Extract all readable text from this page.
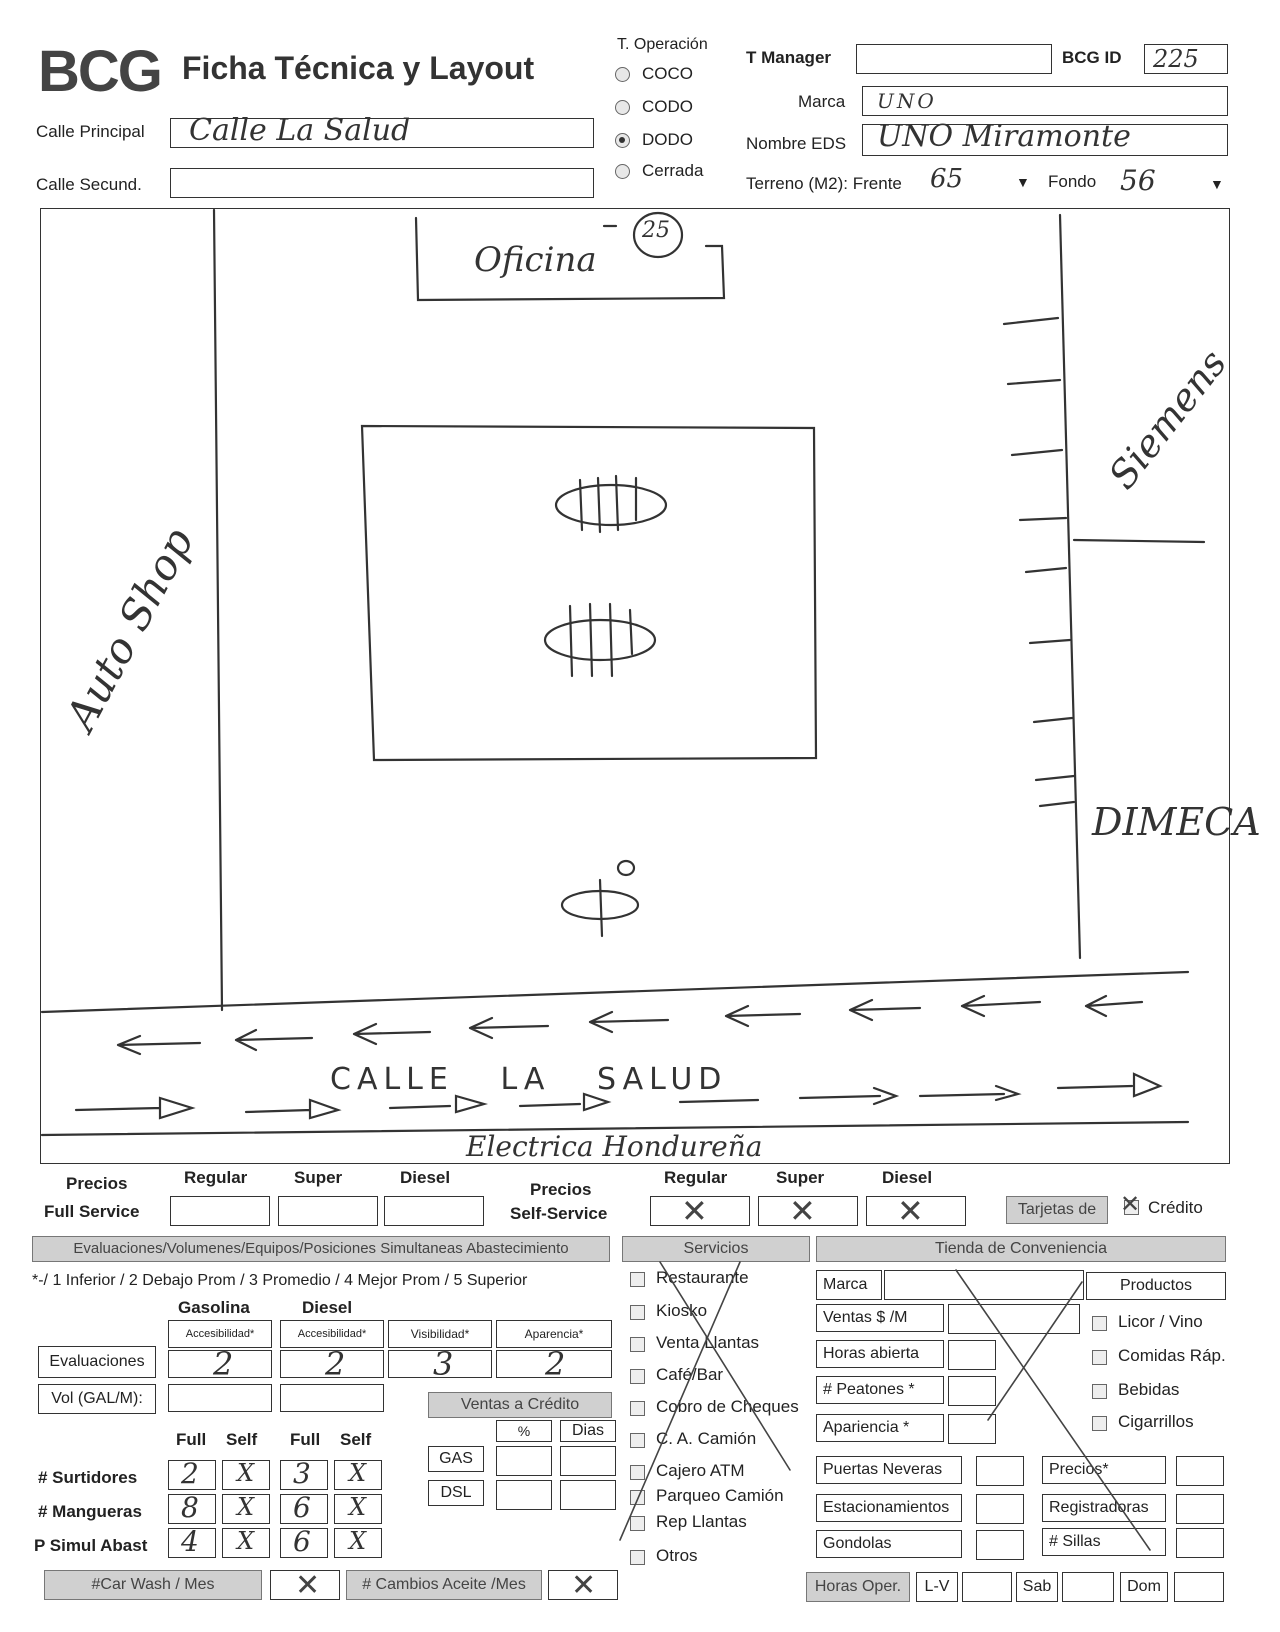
BCG Ficha Técnica y Layout
Calle Principal Calle La Salud
Calle Secund.
T. Operación
COCO
CODO
DODO
Cerrada
T Manager	BCG ID 225
Marca UNO
Nombre EDS UNO Miramonte
Terreno (M2): Frente 65	▼ Fondo 56	▼
Oficina
25
Auto Shop
Siemens
DIMECA
CALLE   LA   SALUD
Electrica Hondureña
Precios
Full Service
Regular	Super	Diesel
Precios
Self-Service
Regular	Super	Diesel
✕	✕	✕	Tarjetas de ✕ Crédito
Evaluaciones/Volumenes/Equipos/Posiciones Simultaneas Abastecimiento	Servicios	Tienda de Conveniencia
*-/ 1 Inferior / 2 Debajo Prom / 3 Promedio / 4 Mejor Prom / 5 Superior
Gasolina	Diesel
Accesibilidad*	Accesibilidad*	Visibilidad*	Aparencia*
Evaluaciones	2	2	3	2
Vol (GAL/M):	Ventas a Crédito
%	Dias
GAS
DSL
Full Self Full Self
# Surtidores 2 X 3 X
# Mangueras 8 X 6 X
P Simul Abast 4 X 6 X
#Car Wash / Mes	✕	# Cambios Aceite /Mes	✕
Restaurante
Kiosko
Venta Llantas
Café/Bar
Cobro de Cheques
C. A. Camión
Cajero ATM
Parqueo Camión
Rep Llantas
Otros
Marca	Productos
Ventas $ /M
Horas abierta
# Peatones *
Apariencia *
Licor / Vino
Comidas Ráp.
Bebidas
Cigarrillos
Puertas Neveras	Precios*
Estacionamientos	Registradoras
Gondolas	# Sillas
Horas Oper.	L-V	Sab	Dom
